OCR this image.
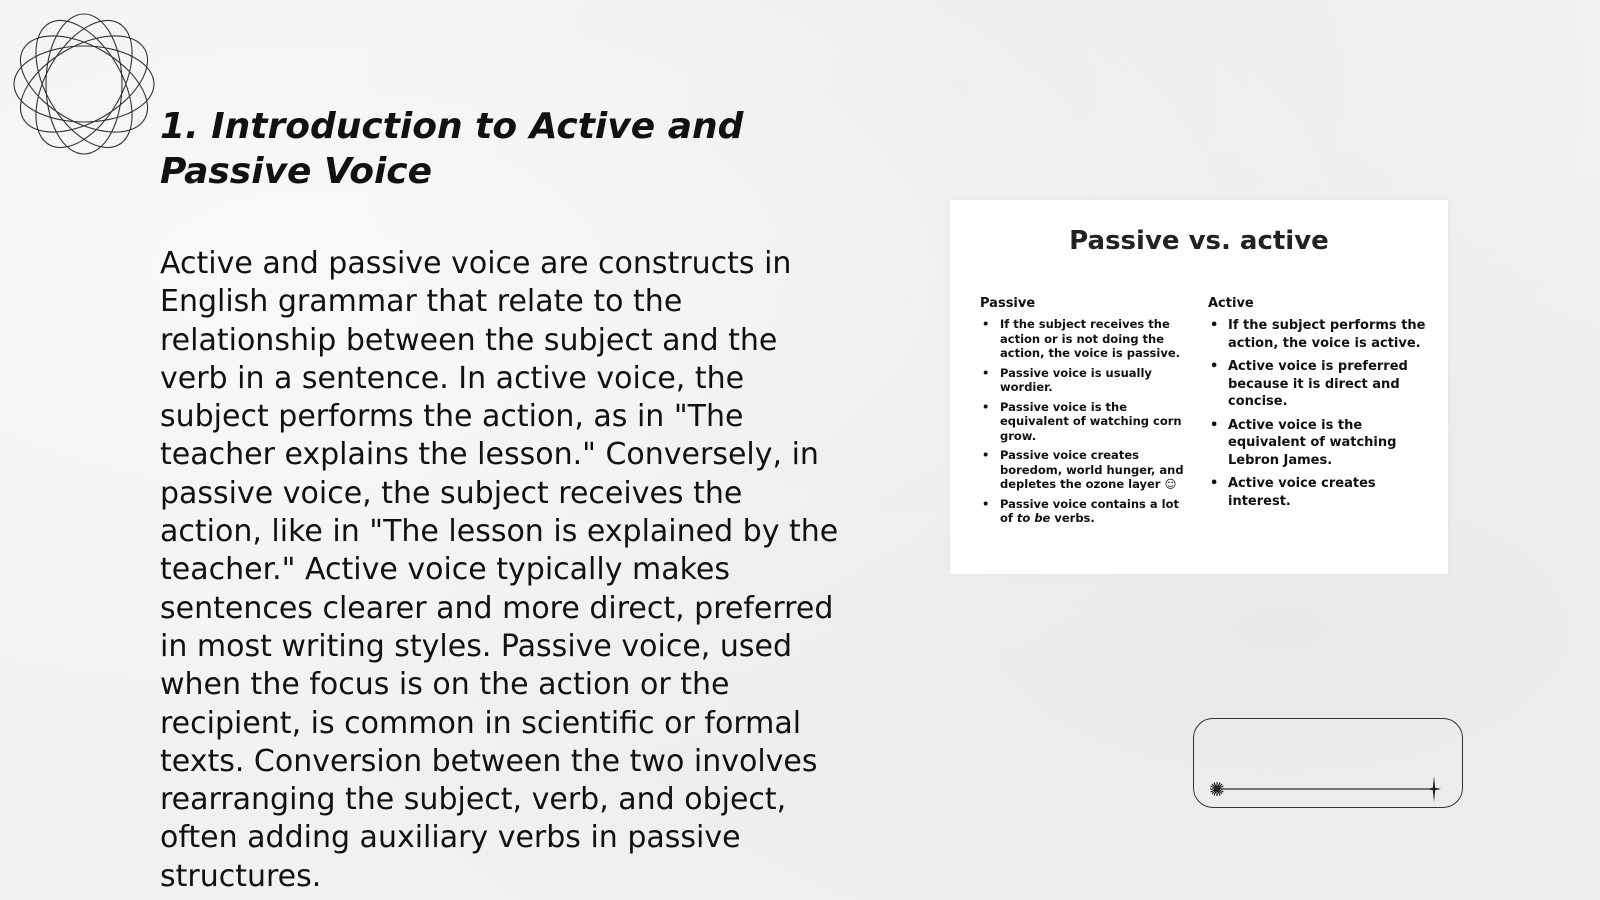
1. Introduction to Active and Passive Voice

Active and passive voice are constructs in English grammar that relate to the relationship between the subject and the verb in a sentence. In active voice, the subject performs the action, as in "The teacher explains the lesson." Conversely, in passive voice, the subject receives the action, like in "The lesson is explained by the teacher." Active voice typically makes sentences clearer and more direct, preferred in most writing styles. Passive voice, used when the focus is on the action or the recipient, is common in scientific or formal texts. Conversion between the two involves rearranging the subject, verb, and object, often adding auxiliary verbs in passive structures.

Passive vs. active

Passive

• If the subject receives the action or is not doing the action, the voice is passive.
• Passive voice is usually wordier.
• Passive voice is the equivalent of watching corn grow.
• Passive voice creates boredom, world hunger, and depletes the ozone layer ☺
• Passive voice contains a lot of to be verbs.

Active

• If the subject performs the action, the voice is active.
• Active voice is preferred because it is direct and concise.
• Active voice is the equivalent of watching Lebron James.
• Active voice creates interest.
